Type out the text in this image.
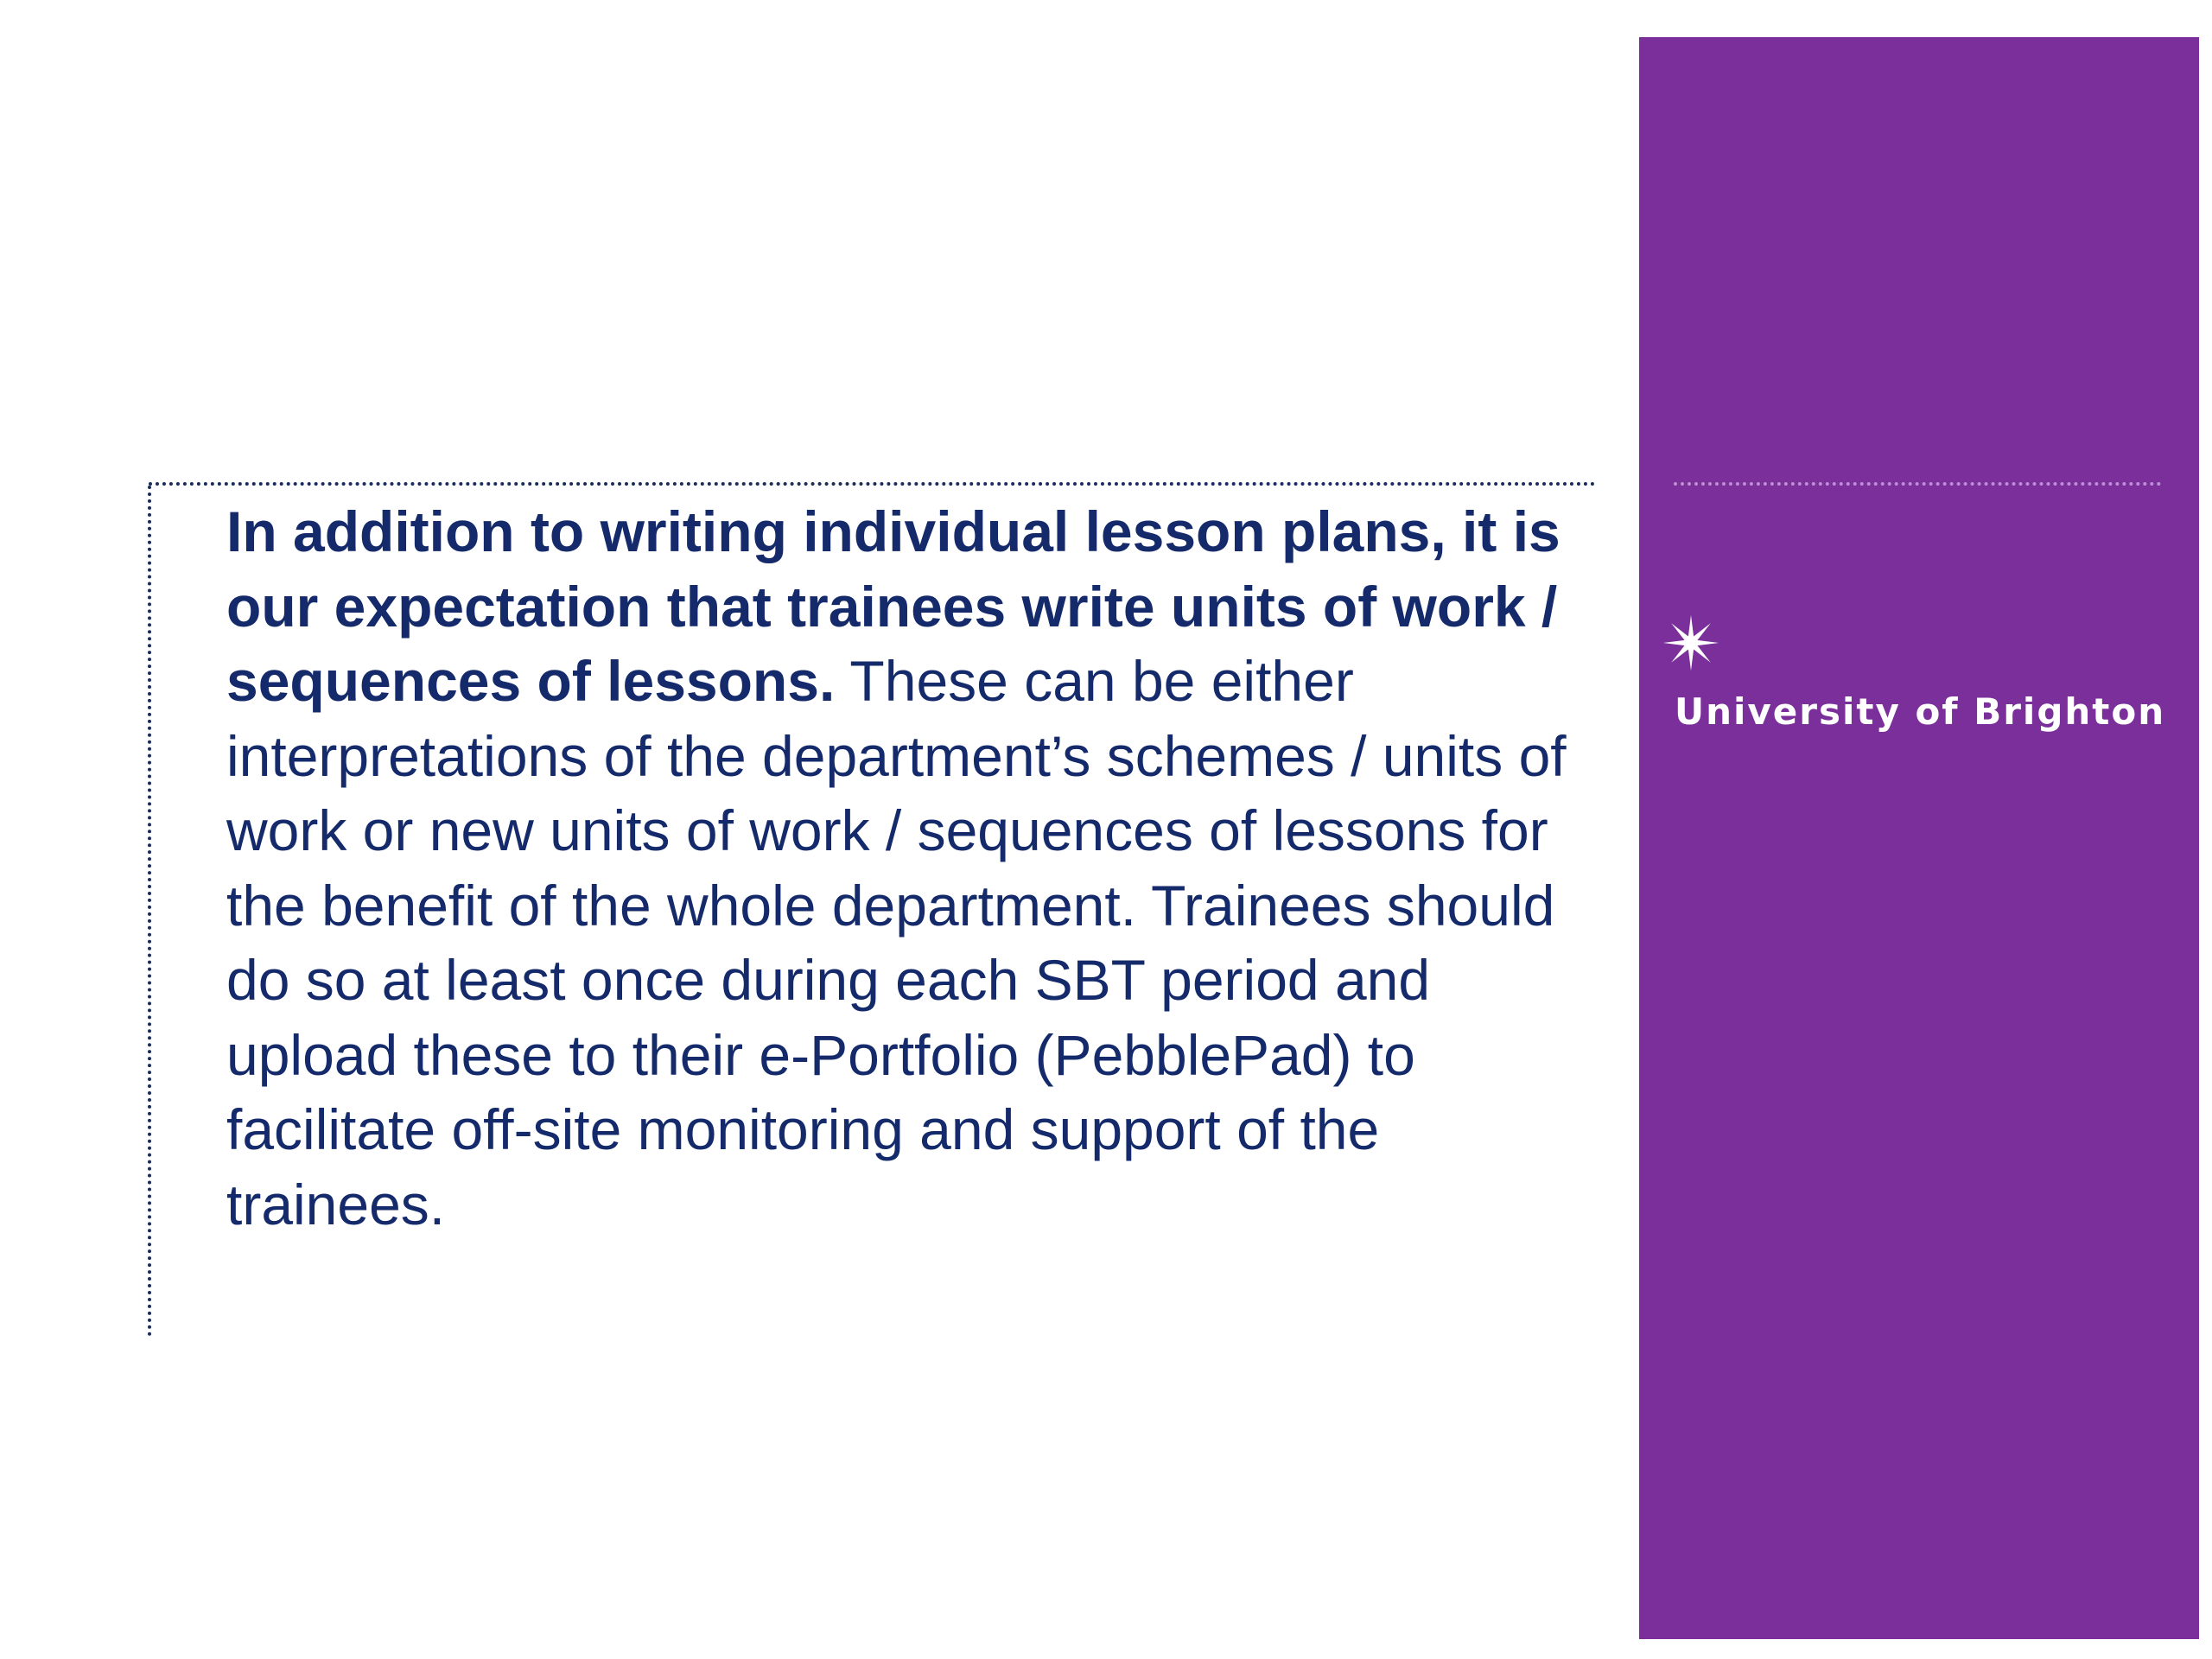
In addition to writing individual lesson plans, it is our expectation that trainees write units of work / sequences of lessons. These can be either interpretations of the department’s schemes / units of work or new units of work / sequences of lessons for the benefit of the whole department. Trainees should do so at least once during each SBT period and upload these to their e-Portfolio (PebblePad) to facilitate off-site monitoring and support of the trainees.

University of Brighton
